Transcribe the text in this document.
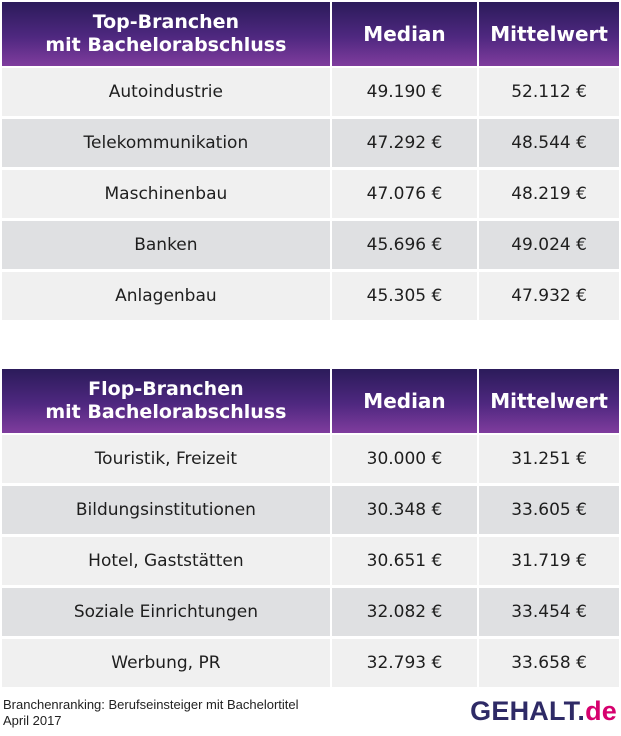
Top-Branchen
mit Bachelorabschluss	Median	Mittelwert
Autoindustrie	49.190 €	52.112 €
Telekommunikation	47.292 €	48.544 €
Maschinenbau	47.076 €	48.219 €
Banken	45.696 €	49.024 €
Anlagenbau	45.305 €	47.932 €
Flop-Branchen
mit Bachelorabschluss	Median	Mittelwert
Touristik, Freizeit	30.000 €	31.251 €
Bildungsinstitutionen	30.348 €	33.605 €
Hotel, Gaststätten	30.651 €	31.719 €
Soziale Einrichtungen	32.082 €	33.454 €
Werbung, PR	32.793 €	33.658 €
Branchenranking: Berufseinsteiger mit Bachelortitel
April 2017	GEHALT.de
